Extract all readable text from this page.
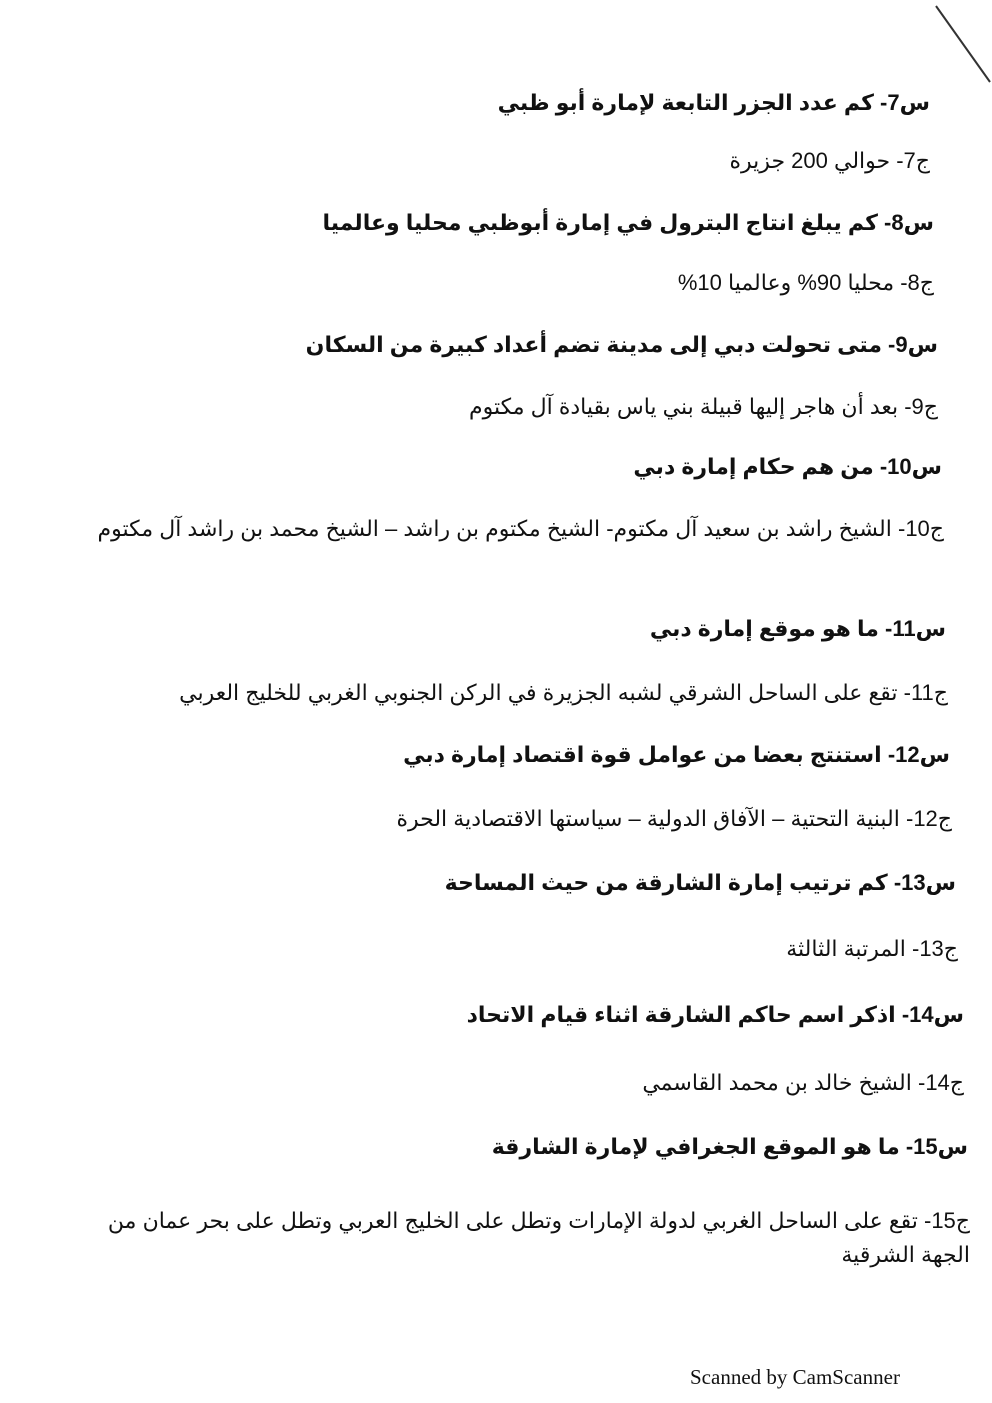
س7- كم عدد الجزر التابعة لإمارة أبو ظبي
ج7- حوالي 200 جزيرة
س8- كم يبلغ انتاج البترول في إمارة أبوظبي محليا وعالميا
ج8- محليا 90% وعالميا 10%
س9- متى تحولت دبي إلى مدينة تضم أعداد كبيرة من السكان
ج9- بعد أن هاجر إليها قبيلة بني ياس بقيادة آل مكتوم
س10- من هم حكام إمارة دبي
ج10- الشيخ راشد بن سعيد آل مكتوم- الشيخ مكتوم بن راشد – الشيخ محمد بن راشد آل مكتوم
س11- ما هو موقع إمارة دبي
ج11- تقع على الساحل الشرقي لشبه الجزيرة في الركن الجنوبي الغربي للخليج العربي
س12- استنتج بعضا من عوامل قوة اقتصاد إمارة دبي
ج12- البنية التحتية – الآفاق الدولية – سياستها الاقتصادية الحرة
س13- كم ترتيب إمارة الشارقة من حيث المساحة
ج13- المرتبة الثالثة
س14- اذكر اسم حاكم الشارقة اثناء قيام الاتحاد
ج14- الشيخ خالد بن محمد القاسمي
س15- ما هو الموقع الجغرافي لإمارة الشارقة
ج15- تقع على الساحل الغربي لدولة الإمارات وتطل على الخليج العربي وتطل على بحر عمان من الجهة الشرقية
Scanned by CamScanner
